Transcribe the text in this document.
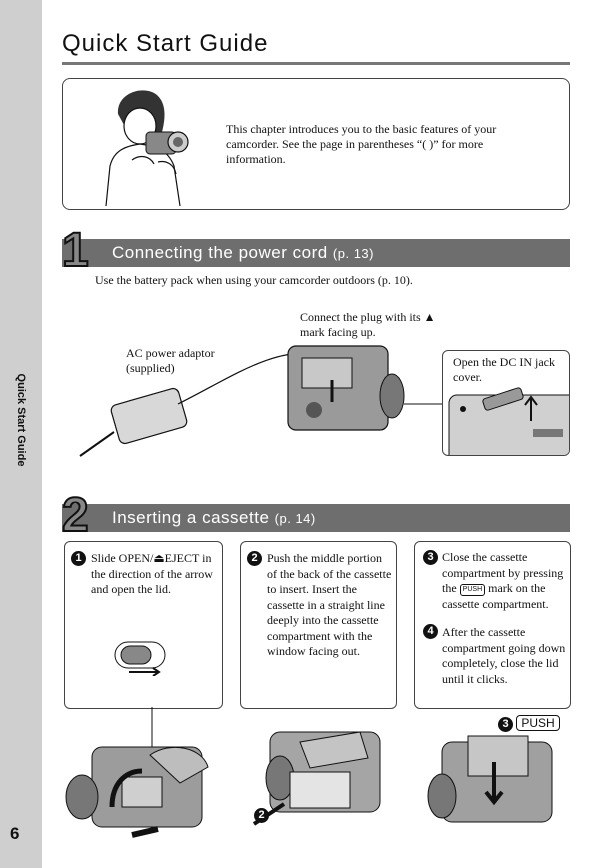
Quick Start Guide
6
Quick Start Guide
This chapter introduces you to the basic features of your camcorder. See the page in parentheses “( )” for more information.
1 Connecting the power cord (p. 13)
Use the battery pack when using your camcorder outdoors (p. 10).
Connect the plug with its ▲ mark facing up.
AC power adaptor (supplied)	Open the DC IN jack cover.
2 Inserting a cassette (p. 14)
1 Slide OPEN/⏏EJECT in the direction of the arrow and open the lid.
2 Push the middle portion of the back of the cassette to insert. Insert the cassette in a straight line deeply into the cassette compartment with the window facing out.
3 Close the cassette compartment by pressing the PUSH mark on the cassette compartment.
4 After the cassette compartment going down completely, close the lid until it clicks.
2
3 PUSH
